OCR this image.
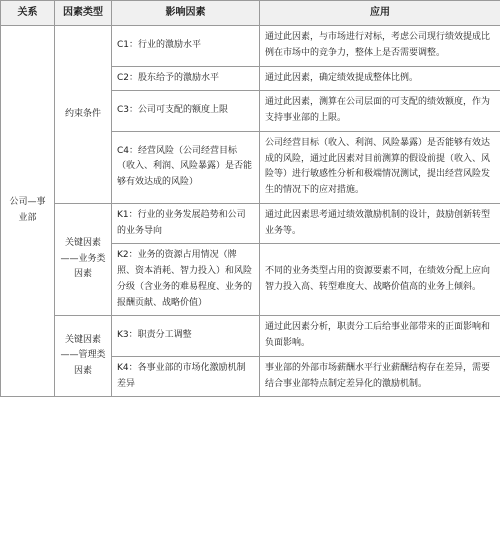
关系	因素类型	影响因素	应用
公司—事业部	约束条件	C1：行业的激励水平	通过此因素，与市场进行对标，考虑公司现行绩效提成比例在市场中的竞争力，整体上是否需要调整。
		C2：股东给予的激励水平	通过此因素，确定绩效提成整体比例。
		C3：公司可支配的额度上限	通过此因素，测算在公司层面的可支配的绩效额度，作为支持事业部的上限。
		C4：经营风险（公司经营目标（收入、利润、风险暴露）是否能够有效达成的风险）	公司经营目标（收入、利润、风险暴露）是否能够有效达成的风险，通过此因素对目前测算的假设前提（收入、风险等）进行敏感性分析和极端情况测试，提出经营风险发生的情况下的应对措施。
	关键因素——业务类因素	K1：行业的业务发展趋势和公司的业务导向	通过此因素思考通过绩效激励机制的设计，鼓励创新转型业务等。
		K2：业务的资源占用情况（牌照、资本消耗、智力投入）和风险分级（含业务的难易程度、业务的报酬贡献、战略价值）	不同的业务类型占用的资源要素不同，在绩效分配上应向智力投入高、转型难度大、战略价值高的业务上倾斜。
	关键因素——管理类因素	K3：职责分工调整	通过此因素分析，职责分工后给事业部带来的正面影响和负面影响。
		K4：各事业部的市场化激励机制差异	事业部的外部市场薪酬水平行业薪酬结构存在差异，需要结合事业部特点制定差异化的激励机制。
